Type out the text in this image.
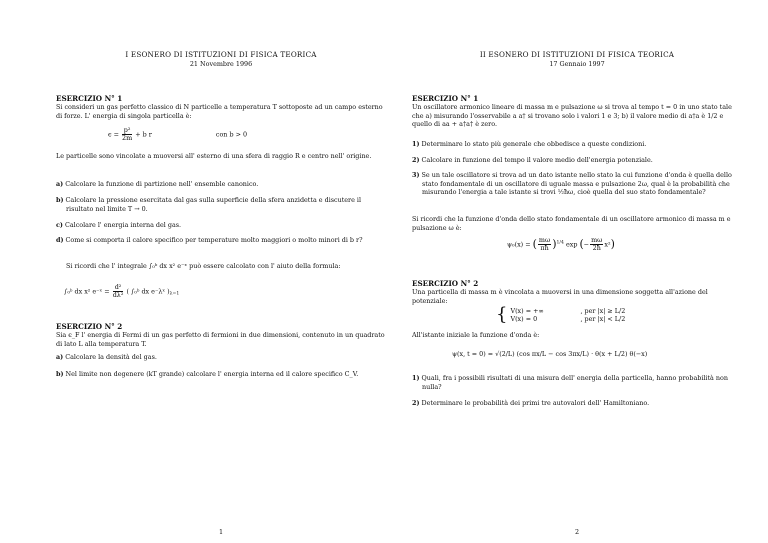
I ESONERO DI ISTITUZIONI DI FISICA TEORICA
21 Novembre 1996
ESERCIZIO N° 1
Si consideri un gas perfetto classico di N particelle a temperatura T sottoposte ad un campo esterno di forze. L' energia di singola particella è:
$\epsilon = \frac{\text{p²}}{2m} + b$ r	con b > 0
Le particelle sono vincolate a muoversi all' esterno di una sfera di raggio R e centro nell' origine.
a) Calcolare la funzione di partizione nell' ensemble canonico.
b) Calcolare la pressione esercitata dal gas sulla superficie della sfera anzidetta e discutere il risultato nel limite T → 0.
c) Calcolare l' energia interna del gas.
d) Come si comporta il calore specifico per temperature molto maggiori o molto minori di b r?
Si ricordi che l' integrale ∫₀ᵇ dx x² e⁻ˣ può essere calcolato con l' aiuto della formula:
∫₀ᵇ dx x² e⁻ˣ = $\frac{\text{d²}}{\text{dλ²}}$ ( ∫₀ᵇ dx e⁻λˣ )$_{\lambda=1}$
ESERCIZIO N° 2
Sia ϵ_F l' energia di Fermi di un gas perfetto di fermioni in due dimensioni, contenuto in un quadrato di lato L alla temperatura T.
a) Calcolare la densità del gas.
b) Nel limite non degenere (kT grande) calcolare l' energia interna ed il calore specifico C_V.
1
II ESONERO DI ISTITUZIONI DI FISICA TEORICA
17 Gennaio 1997
ESERCIZIO N° 1
Un oscillatore armonico lineare di massa m e pulsazione ω si trova al tempo t = 0 in uno stato tale che a) misurando l'osservabile a a† si trovano solo i valori 1 e 3; b) il valore medio di a†a è 1/2 e quello di aa + a†a† è zero.
1) Determinare lo stato più generale che obbedisce a queste condizioni.
2) Calcolare in funzione del tempo il valore medio dell'energia potenziale.
3) Se un tale oscillatore si trova ad un dato istante nello stato la cui funzione d'onda è quella dello stato fondamentale di un oscillatore di uguale massa e pulsazione 2ω, qual è la probabilità che misurando l'energia a tale istante si trovi ½ħω, cioè quella del suo stato fondamentale?
Si ricordi che la funzione d'onda dello stato fondamentale di un oscillatore armonico di massa m e pulsazione ω è:
ψ₀(x) = ( $\frac{m\omega}{\pi ħ} )^{1/4}$ exp (− $\frac{m\omega}{2ħ} x^2$)
ESERCIZIO N° 2
Una particella di massa m è vincolata a muoversi in una dimensione soggetta all'azione del potenziale:
{ V(x) = +∞	, per |x| ≥ L/2
V(x) = 0	, per |x| < L/2
All'istante iniziale la funzione d'onda è:
ψ(x, t = 0) = √(2/L) (cos πx/L − cos 3πx/L) · θ(x + L/2) θ(−x)
1) Quali, fra i possibili risultati di una misura dell' energia della particella, hanno probabilità non nulla?
2) Determinare le probabilità dei primi tre autovalori dell' Hamiltoniano.
2
